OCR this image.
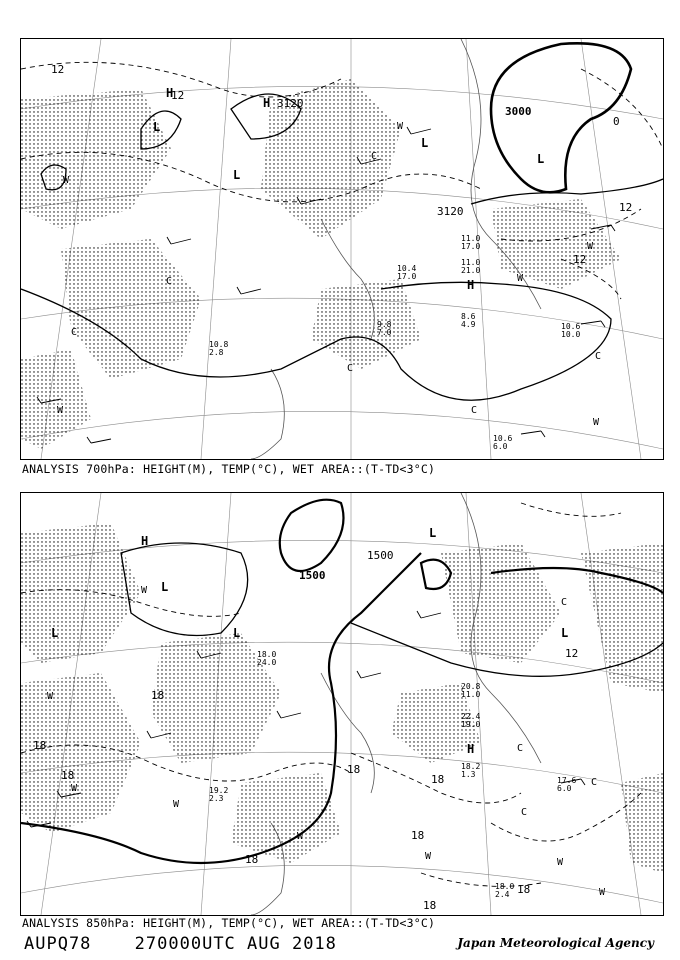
3000
3120
3120
12
12
0
12
12
H
H
L
L
L
L
H
C
C
C
C
C
C
W
W
W
W
W
W
8.6
4.9	10.6
10.0
10.6
6.0
11.0
17.0
11.0
21.0
9.8
7.0
10.4
17.0
10.8
2.8
ANALYSIS 700hPa: HEIGHT(M), TEMP(°C), WET AREA::(T-TD<3°C)
1500
1500
18
18
18
18
18
18
18
12
18
18
H
L
L	L
L
L
H	C
C
C
C
W
W
W
W
W
W
W
W
17.6
6.0
18.2
1.3
18.0
2.4
22.4
19.0
20.8
11.0
19.2
2.3
18.0
24.0
ANALYSIS 850hPa: HEIGHT(M), TEMP(°C), WET AREA::(T-TD<3°C)
AUPQ78	270000UTC AUG 2018	Japan Meteorological Agency
